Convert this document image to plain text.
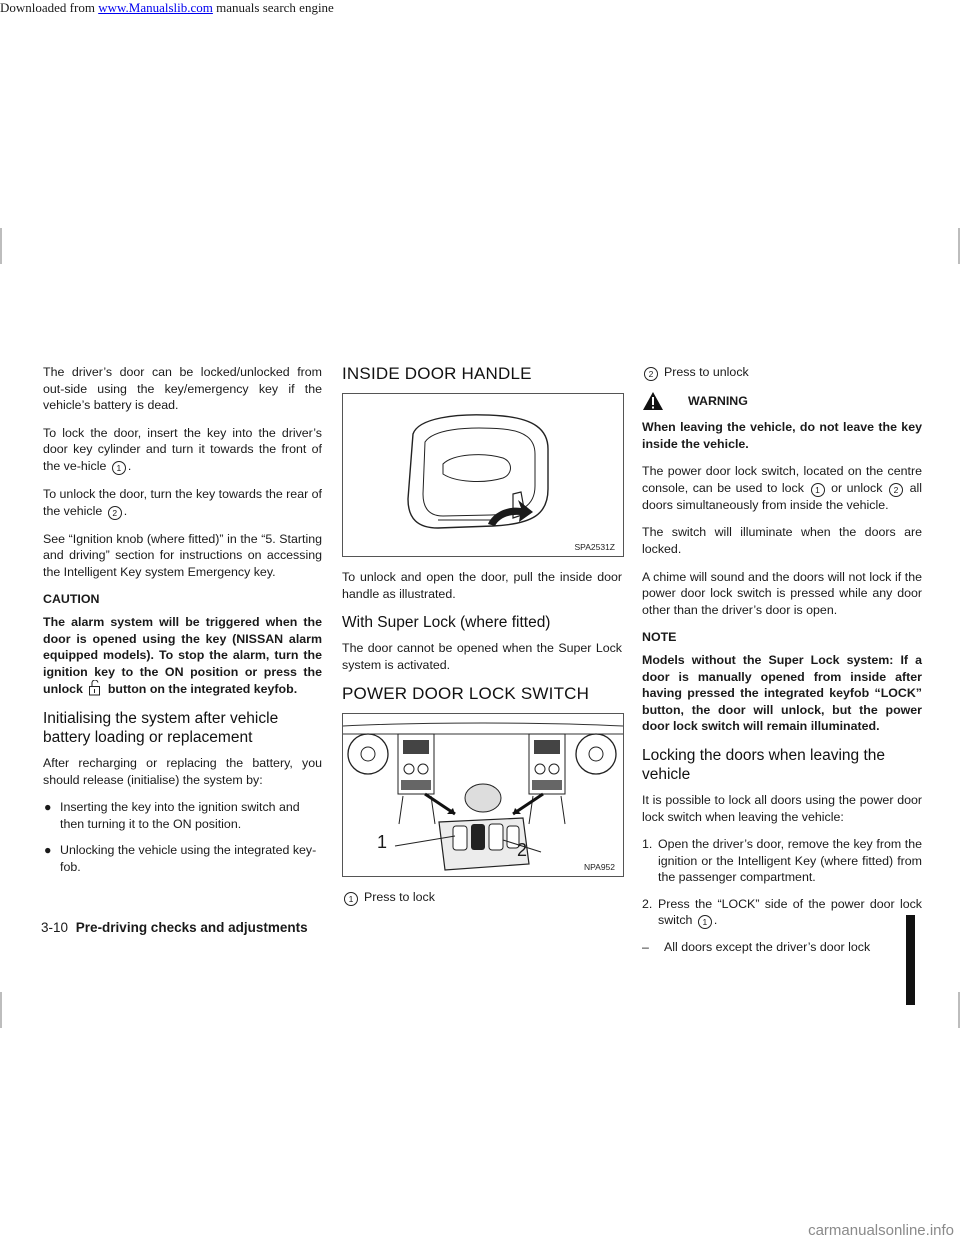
Downloaded from www.Manualslib.com manuals search engine

The driver’s door can be locked/unlocked from out-side using the key/emergency key if the vehicle’s battery is dead.

To lock the door, insert the key into the driver’s door key cylinder and turn it towards the front of the ve-hicle 1 .

To unlock the door, turn the key towards the rear of the vehicle 2 .

See “Ignition knob (where fitted)” in the “5. Starting and driving” section for instructions on accessing the Intelligent Key system Emergency key.

CAUTION

The alarm system will be triggered when the door is opened using the key (NISSAN alarm equipped models). To stop the alarm, turn the ignition key to the ON position or press the unlock button on the integrated keyfob.

Initialising the system after vehicle battery loading or replacement

After recharging or replacing the battery, you should release (initialise) the system by:

● Inserting the key into the ignition switch and then turning it to the ON position.
● Unlocking the vehicle using the integrated key-fob.
INSIDE DOOR HANDLE
SPA2531Z

To unlock and open the door, pull the inside door handle as illustrated.

With Super Lock (where fitted)

The door cannot be opened when the Super Lock system is activated.

POWER DOOR LOCK SWITCH
1	2
NPA952
1 Press to lock
2 Press to unlock
WARNING

When leaving the vehicle, do not leave the key inside the vehicle.

The power door lock switch, located on the centre console, can be used to lock 1 or unlock 2 all doors simultaneously from inside the vehicle.

The switch will illuminate when the doors are locked.

A chime will sound and the doors will not lock if the power door lock switch is pressed while any door other than the driver’s door is open.

NOTE

Models without the Super Lock system: If a door is manually opened from inside after having pressed the integrated keyfob “LOCK” button, the door will unlock, but the power door lock switch will remain illuminated.

Locking the doors when leaving the vehicle

It is possible to lock all doors using the power door lock switch when leaving the vehicle:

1. Open the driver’s door, remove the key from the ignition or the Intelligent Key (where fitted) from the passenger compartment.
2. Press the “LOCK” side of the power door lock switch 1 .
–	All doors except the driver’s door lock
3-10 Pre-driving checks and adjustments
carmanualsonline.info
